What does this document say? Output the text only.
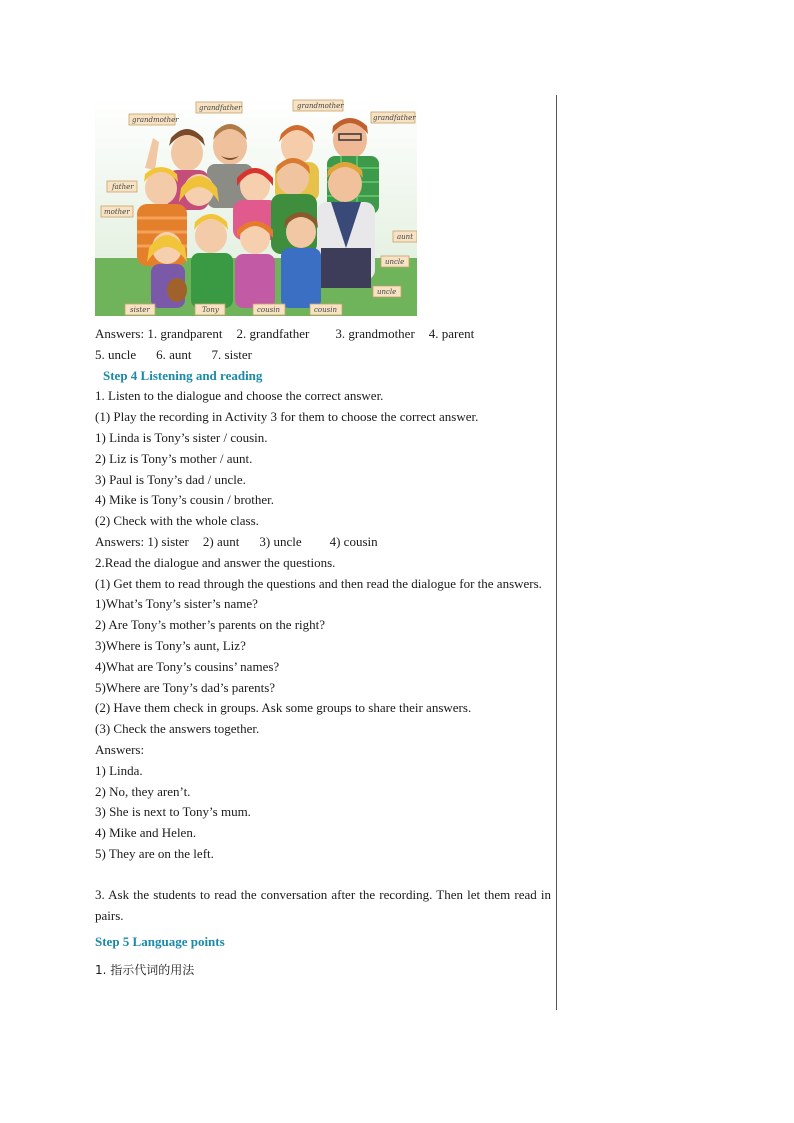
grandmother
grandfather	grandmother
grandfather
father
mother
aunt
uncle
uncle
sister	Tony	cousin	cousin
Answers: 1. grandparent 2. grandfather 3. grandmother 4. parent
5. uncle 6. aunt 7. sister
Step 4 Listening and reading
1. Listen to the dialogue and choose the correct answer.
(1) Play the recording in Activity 3 for them to choose the correct answer.
1) Linda is Tony’s sister / cousin.
2) Liz is Tony’s mother / aunt.
3) Paul is Tony’s dad / uncle.
4) Mike is Tony’s cousin / brother.
(2) Check with the whole class.
Answers: 1) sister 2) aunt 3) uncle 4) cousin
2.Read the dialogue and answer the questions.
(1) Get them to read through the questions and then read the dialogue for the answers.
1)What’s Tony’s sister’s name?
2) Are Tony’s mother’s parents on the right?
3)Where is Tony’s aunt, Liz?
4)What are Tony’s cousins’ names?
5)Where are Tony’s dad’s parents?
(2) Have them check in groups. Ask some groups to share their answers.
(3) Check the answers together.
Answers:
1) Linda.
2) No, they aren’t.
3) She is next to Tony’s mum.
4) Mike and Helen.
5) They are on the left.
3. Ask the students to read the conversation after the recording. Then let them read in pairs.
Step 5 Language points
1. 指示代词的用法
